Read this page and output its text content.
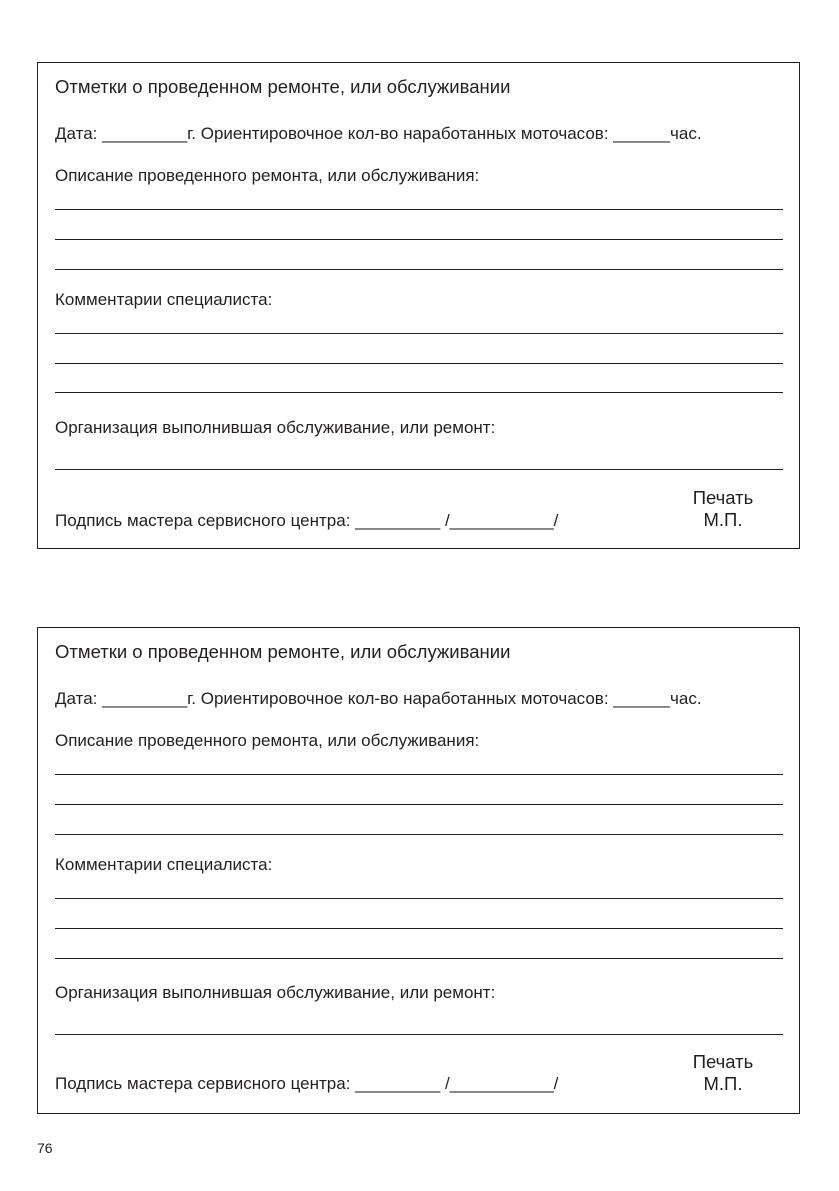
Отметки о проведенном ремонте, или обслуживании
Дата: _________г. Ориентировочное кол-во наработанных моточасов: ______час.
Описание проведенного ремонта, или обслуживания:
Комментарии специалиста:
Организация выполнившая обслуживание, или ремонт:
Подпись мастера сервисного центра: _________ /___________/
Печать
М.П.
Отметки о проведенном ремонте, или обслуживании
Дата: _________г. Ориентировочное кол-во наработанных моточасов: ______час.
Описание проведенного ремонта, или обслуживания:
Комментарии специалиста:
Организация выполнившая обслуживание, или ремонт:
Подпись мастера сервисного центра: _________ /___________/
Печать
М.П.
76
